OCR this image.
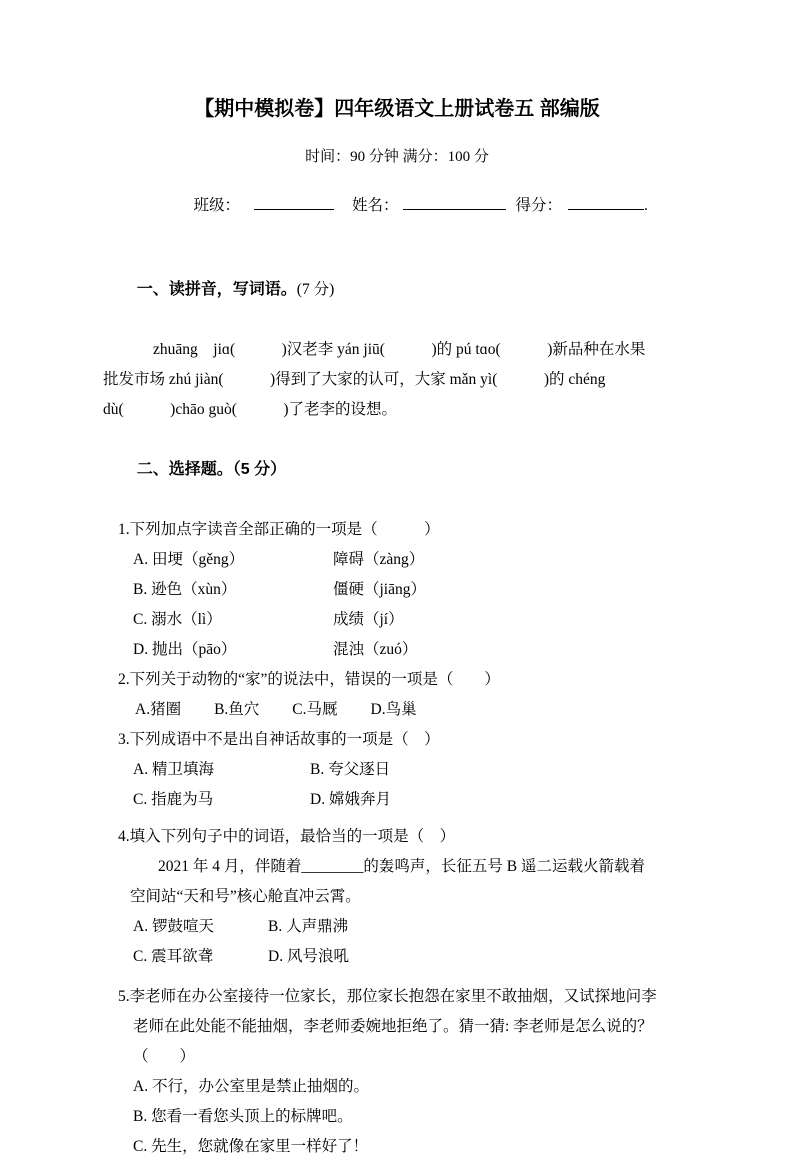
【期中模拟卷】四年级语文上册试卷五 部编版
时间：90 分钟 满分：100 分

班级：	姓名：	得分：	.

一、读拼音，写词语。(7 分)

zhuāng　jiɑ(　　　)汉老李 yán jiū(　　　)的 pú tɑo(　　　)新品种在水果
批发市场 zhú jiàn(　　　)得到了大家的认可，大家 mǎn yì(　　　)的 chéng
dù(　　　)chāo guò(　　　)了老李的设想。

二、选择题。（5 分）

1.下列加点字读音全部正确的一项是（　　　）
A. 田埂（gěng）	障碍（zàng）
B. 逊色（xùn）	僵硬（jiāng）
C. 溺水（lì）	成绩（jí）
D. 抛出（pāo）	混浊（zuó）
2.下列关于动物的“家”的说法中，错误的一项是（　　）
A.猪圈 B.鱼穴 C.马厩 D.鸟巢
3.下列成语中不是出自神话故事的一项是（　）
A. 精卫填海	B. 夸父逐日
C. 指鹿为马	D. 嫦娥奔月
4.填入下列句子中的词语，最恰当的一项是（　）
2021 年 4 月，伴随着________的轰鸣声，长征五号 B 遥二运载火箭载着
空间站“天和号”核心舱直冲云霄。
A. 锣鼓喧天	B. 人声鼎沸
C. 震耳欲聋	D. 风号浪吼
5.李老师在办公室接待一位家长，那位家长抱怨在家里不敢抽烟，又试探地问李
老师在此处能不能抽烟，李老师委婉地拒绝了。猜一猜: 李老师是怎么说的？
（　　）
A. 不行，办公室里是禁止抽烟的。
B. 您看一看您头顶上的标牌吧。
C. 先生，您就像在家里一样好了！
